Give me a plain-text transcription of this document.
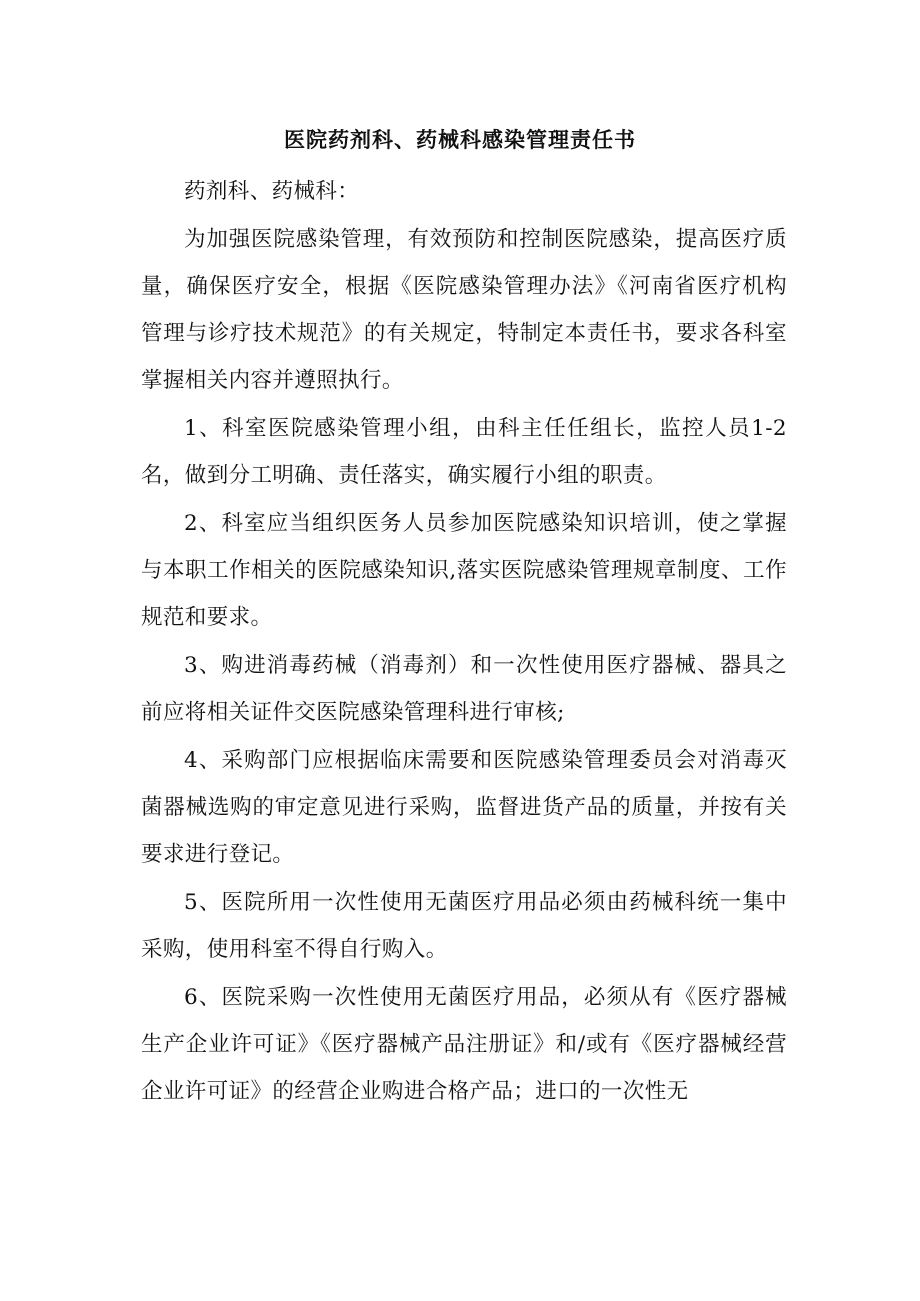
医院药剂科、药械科感染管理责任书

药剂科、药械科：

为加强医院感染管理，有效预防和控制医院感染，提高医疗质量，确保医疗安全，根据《医院感染管理办法》《河南省医疗机构管理与诊疗技术规范》的有关规定，特制定本责任书，要求各科室掌握相关内容并遵照执行。

1、科室医院感染管理小组，由科主任任组长，监控人员1-2名，做到分工明确、责任落实，确实履行小组的职责。

2、科室应当组织医务人员参加医院感染知识培训，使之掌握与本职工作相关的医院感染知识,落实医院感染管理规章制度、工作规范和要求。

3、购进消毒药械（消毒剂）和一次性使用医疗器械、器具之前应将相关证件交医院感染管理科进行审核;

4、采购部门应根据临床需要和医院感染管理委员会对消毒灭菌器械选购的审定意见进行采购，监督进货产品的质量，并按有关要求进行登记。

5、医院所用一次性使用无菌医疗用品必须由药械科统一集中采购，使用科室不得自行购入。

6、医院采购一次性使用无菌医疗用品，必须从有《医疗器械生产企业许可证》《医疗器械产品注册证》和/或有《医疗器械经营企业许可证》的经营企业购进合格产品；进口的一次性无
